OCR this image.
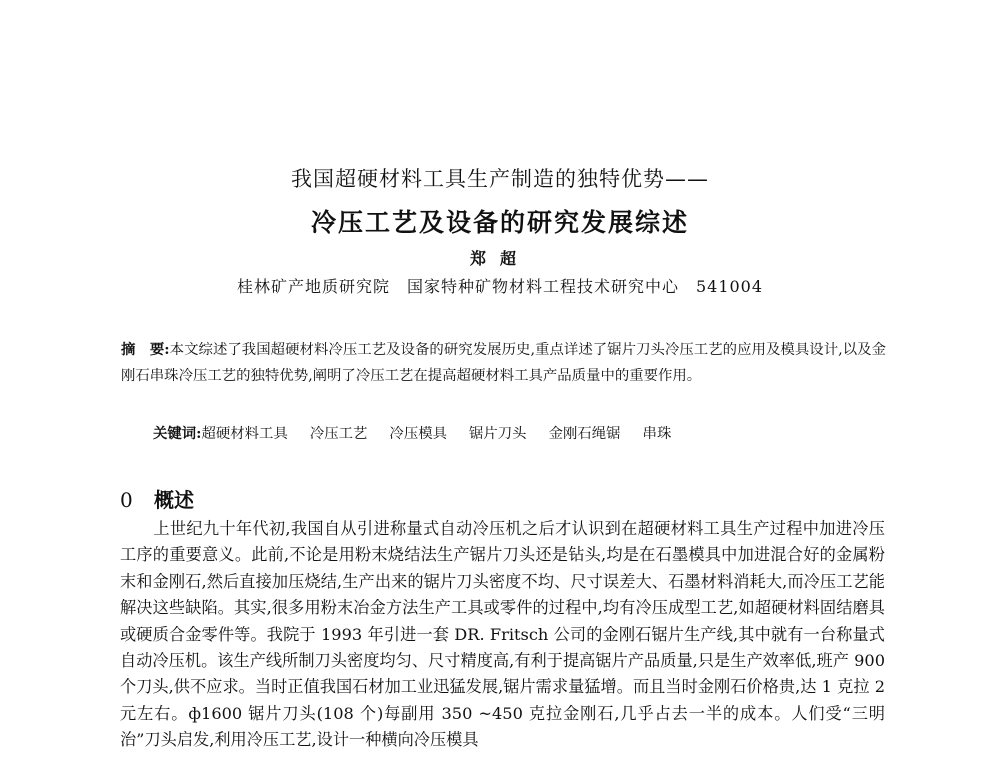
我国超硬材料工具生产制造的独特优势——
冷压工艺及设备的研究发展综述
郑超
桂林矿产地质研究院　国家特种矿物材料工程技术研究中心　541004

摘　要:本文综述了我国超硬材料冷压工艺及设备的研究发展历史,重点详述了锯片刀头冷压工艺的应用及模具设计,以及金刚石串珠冷压工艺的独特优势,阐明了冷压工艺在提高超硬材料工具产品质量中的重要作用。

关键词:超硬材料工具 冷压工艺 冷压模具 锯片刀头 金刚石绳锯 串珠

0 概述

上世纪九十年代初,我国自从引进称量式自动冷压机之后才认识到在超硬材料工具生产过程中加进冷压工序的重要意义。此前,不论是用粉末烧结法生产锯片刀头还是钻头,均是在石墨模具中加进混合好的金属粉末和金刚石,然后直接加压烧结,生产出来的锯片刀头密度不均、尺寸误差大、石墨材料消耗大,而冷压工艺能解决这些缺陷。其实,很多用粉末冶金方法生产工具或零件的过程中,均有冷压成型工艺,如超硬材料固结磨具或硬质合金零件等。我院于 1993 年引进一套 DR. Fritsch 公司的金刚石锯片生产线,其中就有一台称量式自动冷压机。该生产线所制刀头密度均匀、尺寸精度高,有利于提高锯片产品质量,只是生产效率低,班产 900 个刀头,供不应求。当时正值我国石材加工业迅猛发展,锯片需求量猛增。而且当时金刚石价格贵,达 1 克拉 2 元左右。ф1600 锯片刀头(108 个)每副用 350 ~450 克拉金刚石,几乎占去一半的成本。人们受“三明治”刀头启发,利用冷压工艺,设计一种横向冷压模具
